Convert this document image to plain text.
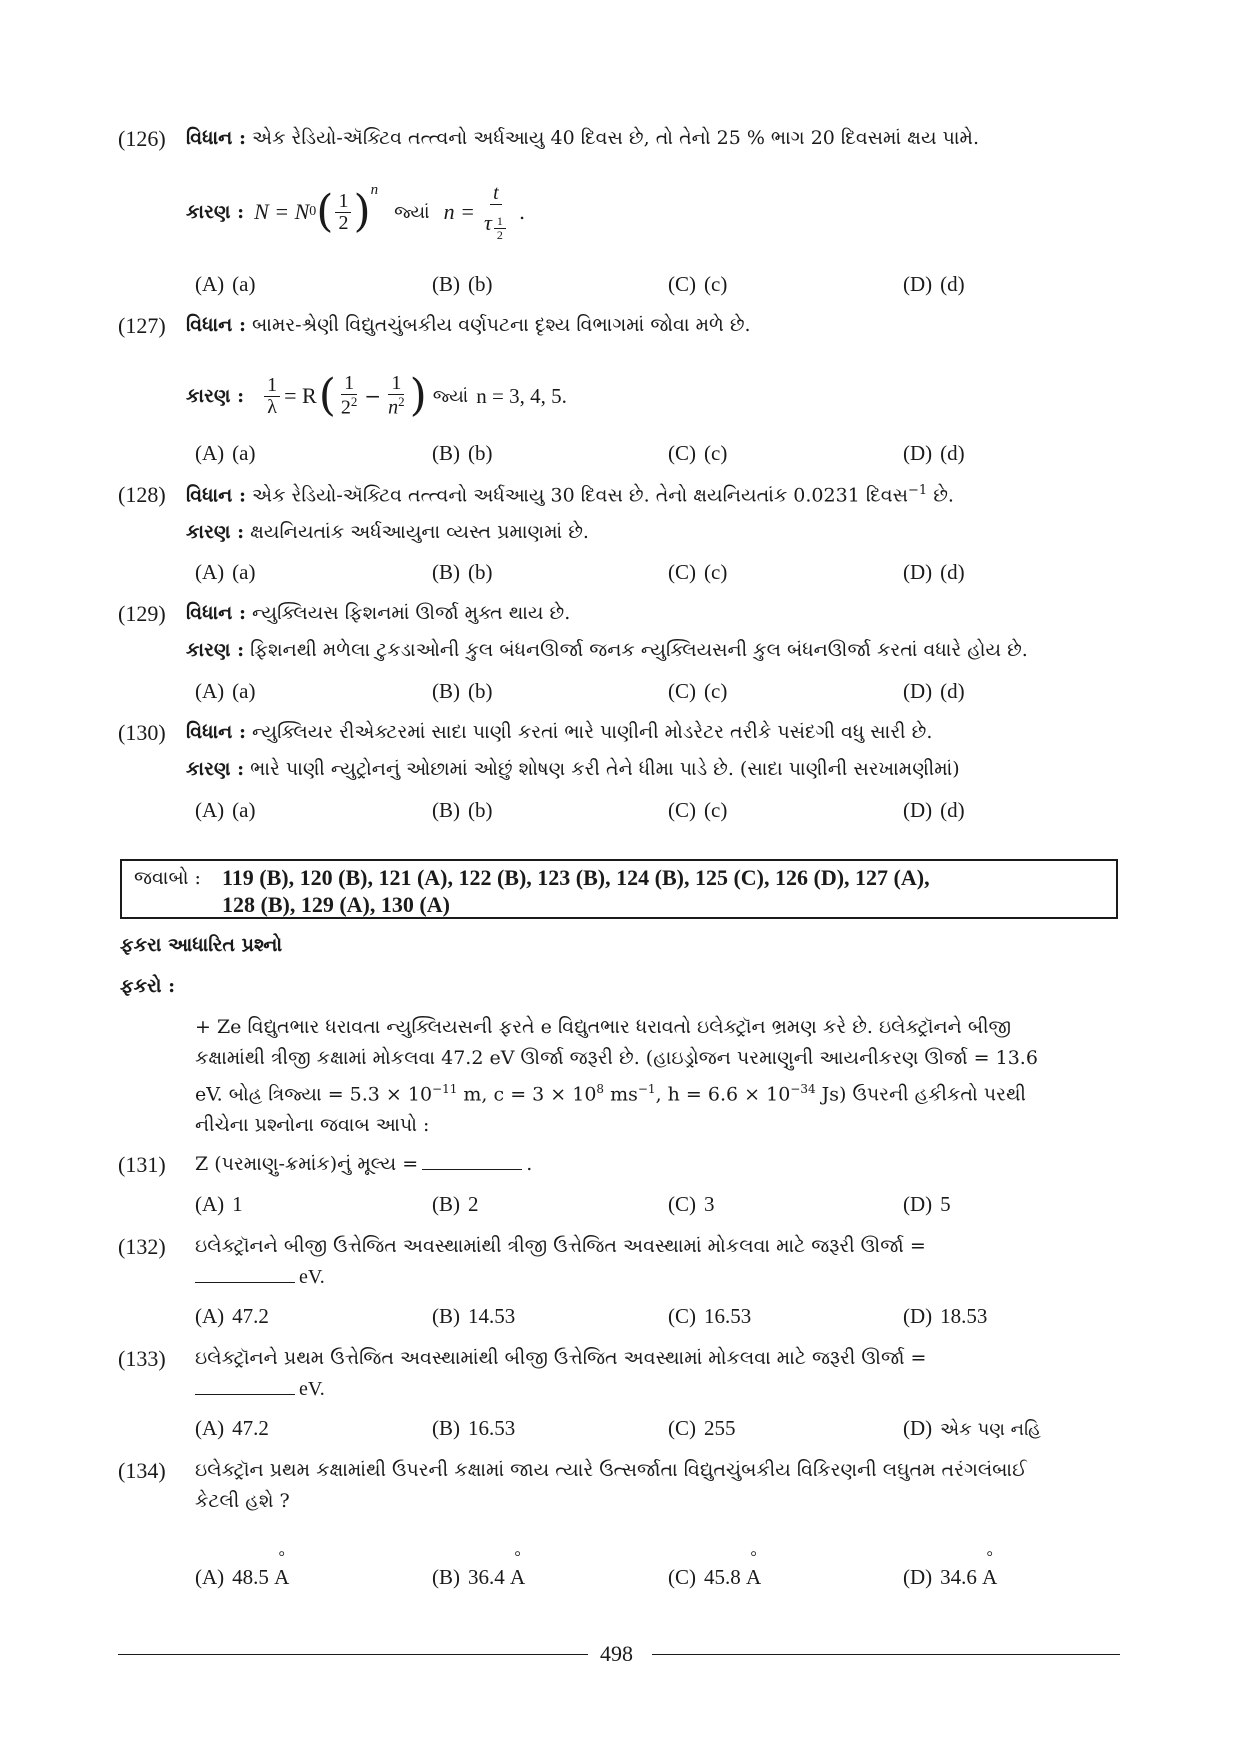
(126) વિધાન : એક રેડિયો-ઍક્ટિવ તત્ત્વનો અર્ધઆયુ 40 દિવસ છે, તો તેનો 25 % ભાગ 20 દિવસમાં ક્ષય પામે.
કારણ : N = N 0 ( $\frac{1}{2} )^n$
જ્યાં $n = \frac{t}{\tau \frac{1}{2}}$ .
(A) (a)	(B) (b)	(C) (c)	(D) (d)
(127) વિધાન : બામર-શ્રેણી વિદ્યુતચુંબકીય વર્ણપટના દૃશ્ય વિભાગમાં જોવા મળે છે.
કારણ : $\frac{1}{\lambda} = R$ ( $\frac{1}{2^2} - \frac{1}{n^2}$ ) જ્યાં n = 3, 4, 5.
(A) (a)	(B) (b)	(C) (c)	(D) (d)
(128) વિધાન : એક રેડિયો-ઍક્ટિવ તત્ત્વનો અર્ધઆયુ 30 દિવસ છે. તેનો ક્ષયનિયતાંક 0.0231 દિવસ$^{-1}$ છે.
કારણ : ક્ષયનિયતાંક અર્ધઆયુના વ્યસ્ત પ્રમાણમાં છે.
(A) (a)	(B) (b)	(C) (c)	(D) (d)
(129) વિધાન : ન્યુક્લિયસ ફિશનમાં ઊર્જા મુક્ત થાય છે.
કારણ : ફિશનથી મળેલા ટુકડાઓની કુલ બંધનઊર્જા જનક ન્યુક્લિયસની કુલ બંધનઊર્જા કરતાં વધારે હોય છે.
(A) (a)	(B) (b)	(C) (c)	(D) (d)
(130) વિધાન : ન્યુક્લિયર રીએક્ટરમાં સાદા પાણી કરતાં ભારે પાણીની મોડરેટર તરીકે પસંદગી વધુ સારી છે.
કારણ : ભારે પાણી ન્યુટ્રોનનું ઓછામાં ઓછું શોષણ કરી તેને ધીમા પાડે છે. (સાદા પાણીની સરખામણીમાં)
(A) (a)	(B) (b)	(C) (c)	(D) (d)
જવાબો : 119 (B), 120 (B), 121 (A), 122 (B), 123 (B), 124 (B), 125 (C), 126 (D), 127 (A),
128 (B), 129 (A), 130 (A)
ફકરા આધારિત પ્રશ્નો
ફકરો :
+ Ze વિદ્યુતભાર ધરાવતા ન્યુક્લિયસની ફરતે e વિદ્યુતભાર ધરાવતો ઇલેક્ટ્રૉન ભ્રમણ કરે છે. ઇલેક્ટ્રૉનને બીજી
કક્ષામાંથી ત્રીજી કક્ષામાં મોકલવા 47.2 eV ઊર્જા જરૂરી છે. (હાઇડ્રોજન પરમાણુની આયનીકરણ ઊર્જા = 13.6
eV. બોહ્ર ત્રિજ્યા = $5.3 \times 10^{-11}$ m, $c = 3 \times 10^8$ $ms^{-1}$, $h = 6.6 \times 10^{-34}$ Js) ઉપરની હકીકતો પરથી
નીચેના પ્રશ્નોના જવાબ આપો :
(131) Z (પરમાણુ-ક્રમાંક)નું મૂલ્ય =	.
(A) 1	(B) 2	(C) 3	(D) 5
(132) ઇલેક્ટ્રૉનને બીજી ઉત્તેજિત અવસ્થામાંથી ત્રીજી ઉત્તેજિત અવસ્થામાં મોકલવા માટે જરૂરી ઊર્જા =
eV.
(A) 47.2	(B) 14.53	(C) 16.53	(D) 18.53
(133) ઇલેક્ટ્રૉનને પ્રથમ ઉત્તેજિત અવસ્થામાંથી બીજી ઉત્તેજિત અવસ્થામાં મોકલવા માટે જરૂરી ઊર્જા =
eV.
(A) 47.2	(B) 16.53	(C) 255	(D) એક પણ નહિ
(134) ઇલેક્ટ્રૉન પ્રથમ કક્ષામાંથી ઉપરની કક્ષામાં જાય ત્યારે ઉત્સર્જાતા વિદ્યુતચુંબકીય વિકિરણની લઘુતમ તરંગલંબાઈ
કેટલી હશે ?
(A) 48.5 ° A	(B) 36.4 ° A	(C) 45.8 ° A	(D) 34.6 ° A
498
